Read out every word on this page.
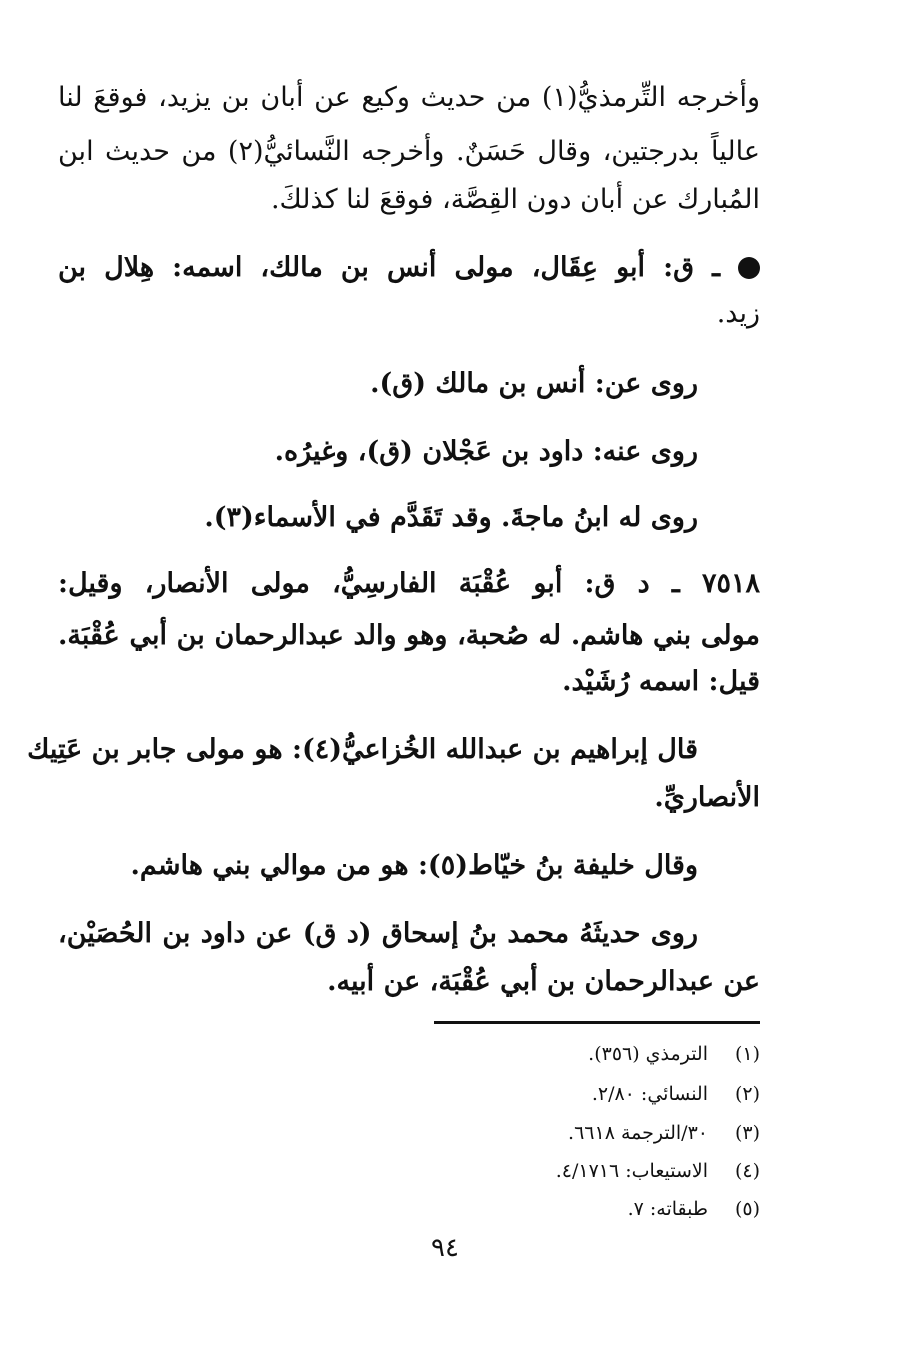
وأخرجه التِّرمذيُّ(١) من حديث وكيع عن أبان بن يزيد، فوقعَ لنا
عالياً بدرجتين، وقال حَسَنٌ. وأخرجه النَّسائيُّ(٢) من حديث ابن
المُبارك عن أبان دون القِصَّة، فوقعَ لنا كذلكَ.
ـ ق: أبو عِقَال، مولى أنس بن مالك، اسمه: هِلال بن
زيد.
روى عن: أنس بن مالك (ق).
روى عنه: داود بن عَجْلان (ق)، وغيرُه.
روى له ابنُ ماجةَ. وقد تَقَدَّم في الأسماء(٣).
٧٥١٨ ـ د ق: أبو عُقْبَة الفارسِيُّ، مولى الأنصار، وقيل:
مولى بني هاشم. له صُحبة، وهو والد عبدالرحمان بن أبي عُقْبَة.
قيل: اسمه رُشَيْد.
قال إبراهيم بن عبدالله الخُزاعيُّ(٤): هو مولى جابر بن عَتِيك
الأنصاريِّ.
وقال خليفة بنُ خيّاط(٥): هو من موالي بني هاشم.
روى حديثَهُ محمد بنُ إسحاق (د ق) عن داود بن الحُصَيْن،
عن عبدالرحمان بن أبي عُقْبَة، عن أبيه.
(١)الترمذي (٣٥٦).
(٢)النسائي: ٢/٨٠.
(٣)٣٠/الترجمة ٦٦١٨.
(٤)الاستيعاب: ٤/١٧١٦.
(٥)طبقاته: ٧.
٩٤
